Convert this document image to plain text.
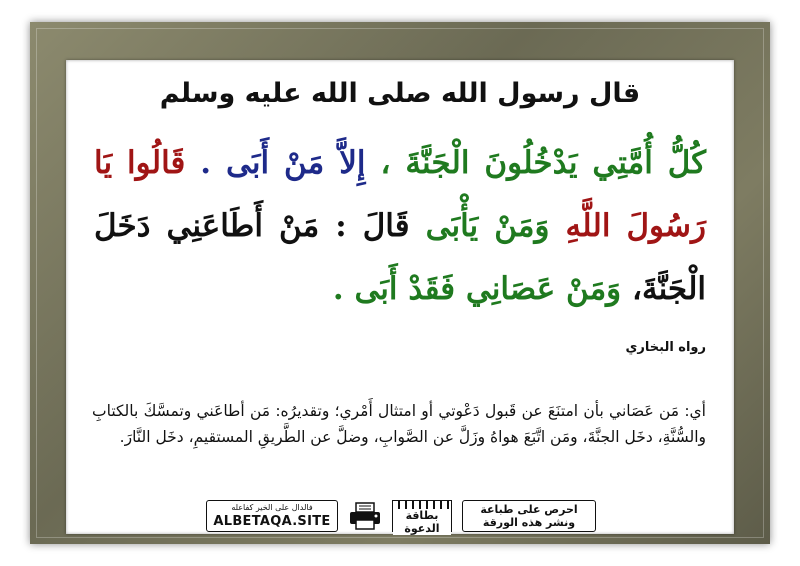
قال رسول الله صلى الله عليه وسلم
كُلُّ أُمَّتِي يَدْخُلُونَ الْجَنَّةَ ، إِلاَّ مَنْ أَبَى . قَالُوا يَا رَسُولَ اللَّهِ وَمَنْ يَأْبَى قَالَ : مَنْ أَطَاعَنِي دَخَلَ الْجَنَّةَ، وَمَنْ عَصَانِي فَقَدْ أَبَى .
رواه البخاري
أي: مَن عَصَاني بأن امتنَعَ عن قَبول دَعْوتي أو امتثال أَمْري؛ وتقديرُه: مَن أطاعَني وتمسَّكَ بالكتابِ والسُّنَّةِ، دخَل الجنَّةَ، ومَن اتَّبَعَ هواهُ وزَلَّ عن الصَّوابِ، وضلَّ عن الطَّريقِ المستقيمِ، دخَل النَّارَ.
فالدال على الخير كفاعله
ALBETAQA.SITE	بطاقة الدعوة
احرص على طباعة
ونشر هذه الورقة
